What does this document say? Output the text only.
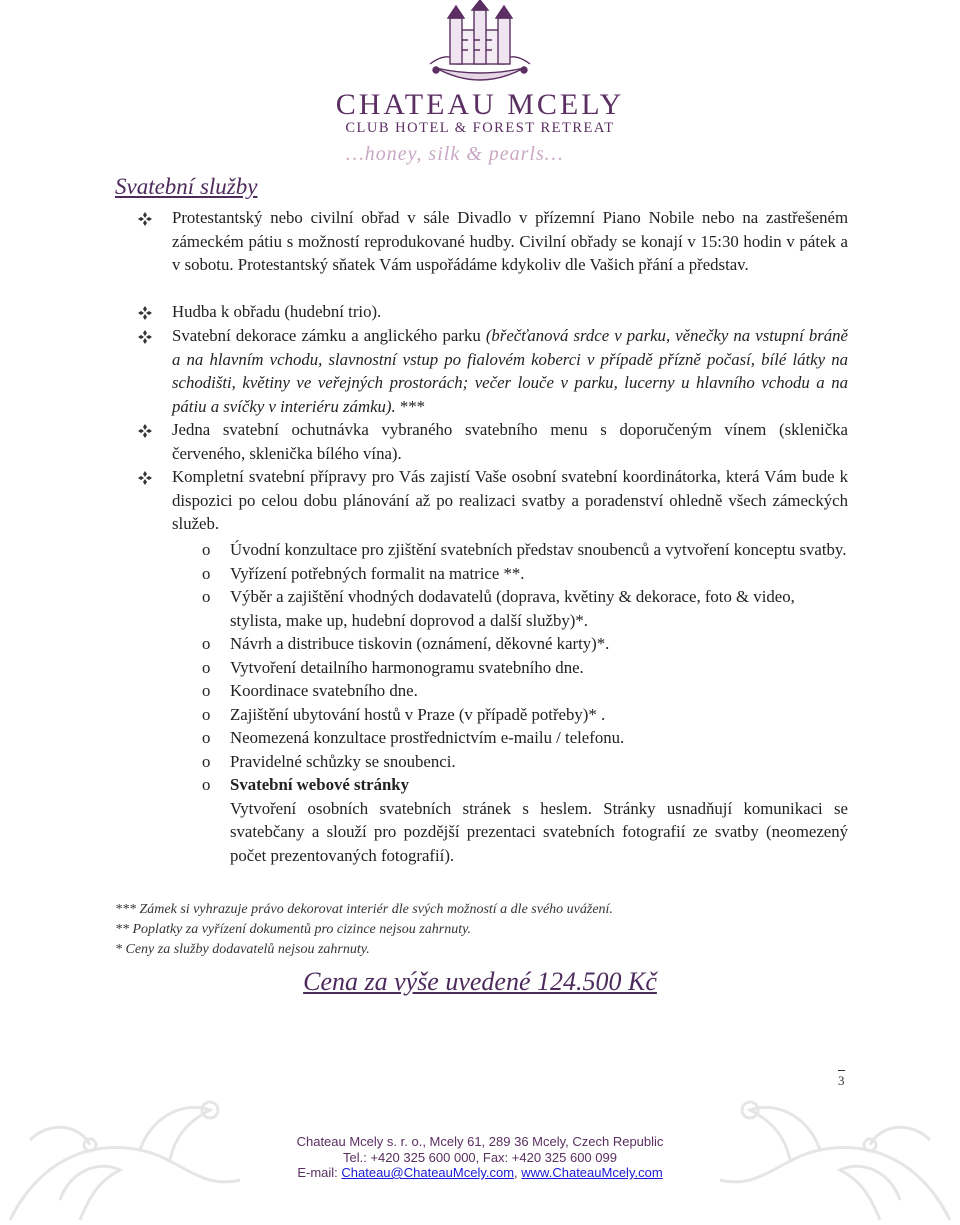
CHATEAU MCELY
CLUB HOTEL & FOREST RETREAT
…honey, silk & pearls…
Svatební služby
Protestantský nebo civilní obřad v sále Divadlo v přízemní Piano Nobile nebo na zastřešeném zámeckém pátiu s možností reprodukované hudby. Civilní obřady se konají v 15:30 hodin v pátek a v sobotu. Protestantský sňatek Vám uspořádáme kdykoliv dle Vašich přání a představ.
Hudba k obřadu (hudební trio).
Svatební dekorace zámku a anglického parku (břečťanová srdce v parku, věnečky na vstupní bráně a na hlavním vchodu, slavnostní vstup po fialovém koberci v případě přízně počasí, bílé látky na schodišti, květiny ve veřejných prostorách; večer louče v parku, lucerny u hlavního vchodu a na pátiu a svíčky v interiéru zámku). ***
Jedna svatební ochutnávka vybraného svatebního menu s doporučeným vínem (sklenička červeného, sklenička bílého vína).
Kompletní svatební přípravy pro Vás zajistí Vaše osobní svatební koordinátorka, která Vám bude k dispozici po celou dobu plánování až po realizaci svatby a poradenství ohledně všech zámeckých služeb.
o Úvodní konzultace pro zjištění svatebních představ snoubenců a vytvoření konceptu svatby.
o Vyřízení potřebných formalit na matrice **.
o Výběr a zajištění vhodných dodavatelů (doprava, květiny & dekorace, foto & video, stylista, make up, hudební doprovod a další služby)*.
o Návrh a distribuce tiskovin (oznámení, děkovné karty)*.
o Vytvoření detailního harmonogramu svatebního dne.
o Koordinace svatebního dne.
o Zajištění ubytování hostů v Praze (v případě potřeby)* .
o Neomezená konzultace prostřednictvím e-mailu / telefonu.
o Pravidelné schůzky se snoubenci.
o Svatební webové stránky
Vytvoření osobních svatebních stránek s heslem. Stránky usnadňují komunikaci se svatebčany a slouží pro pozdější prezentaci svatebních fotografií ze svatby (neomezený počet prezentovaných fotografií).
*** Zámek si vyhrazuje právo dekorovat interiér dle svých možností a dle svého uvážení.
** Poplatky za vyřízení dokumentů pro cizince nejsou zahrnuty.
* Ceny za služby dodavatelů nejsou zahrnuty.
Cena za výše uvedené 124.500 Kč
3
Chateau Mcely s. r. o., Mcely 61, 289 36 Mcely, Czech Republic
Tel.: +420 325 600 000, Fax: +420 325 600 099
E-mail: Chateau@ChateauMcely.com, www.ChateauMcely.com
